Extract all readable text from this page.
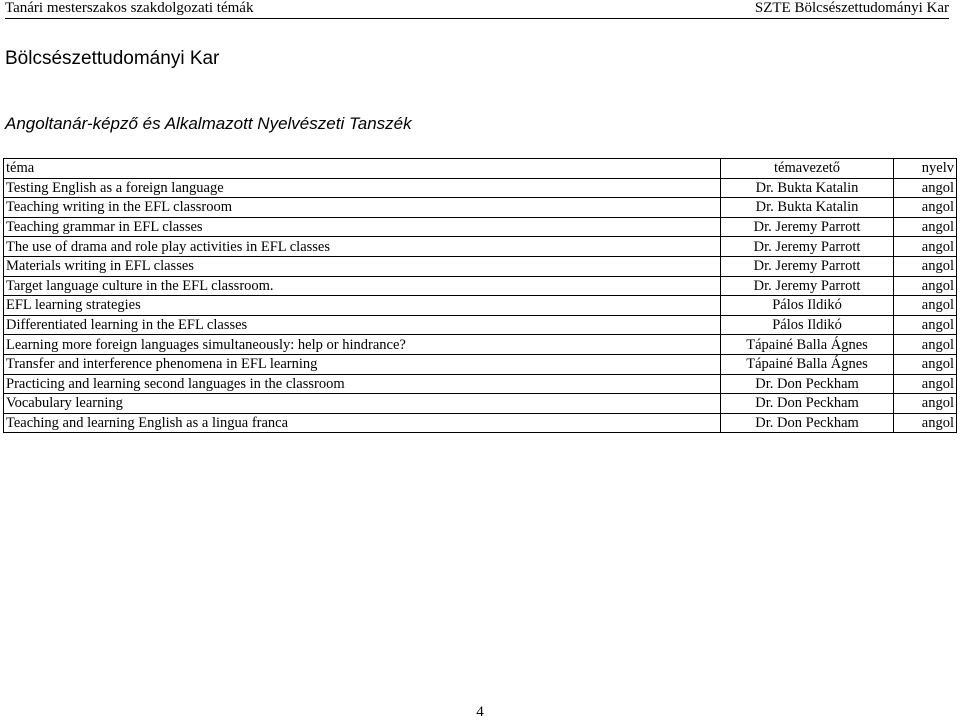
Tanári mesterszakos szakdolgozati témák	SZTE Bölcsészettudományi Kar
Bölcsészettudományi Kar
Angoltanár-képző és Alkalmazott Nyelvészeti Tanszék
téma	témavezető	nyelv
Testing English as a foreign language	Dr. Bukta Katalin	angol
Teaching writing in the EFL classroom	Dr. Bukta Katalin	angol
Teaching grammar in EFL classes	Dr. Jeremy Parrott	angol
The use of drama and role play activities in EFL classes	Dr. Jeremy Parrott	angol
Materials writing in EFL classes	Dr. Jeremy Parrott	angol
Target language culture in the EFL classroom.	Dr. Jeremy Parrott	angol
EFL learning strategies	Pálos Ildikó	angol
Differentiated learning in the EFL classes	Pálos Ildikó	angol
Learning more foreign languages simultaneously: help or hindrance?	Tápainé Balla Ágnes	angol
Transfer and interference phenomena in EFL learning	Tápainé Balla Ágnes	angol
Practicing and learning second languages in the classroom	Dr. Don Peckham	angol
Vocabulary learning	Dr. Don Peckham	angol
Teaching and learning English as a lingua franca	Dr. Don Peckham	angol
4
